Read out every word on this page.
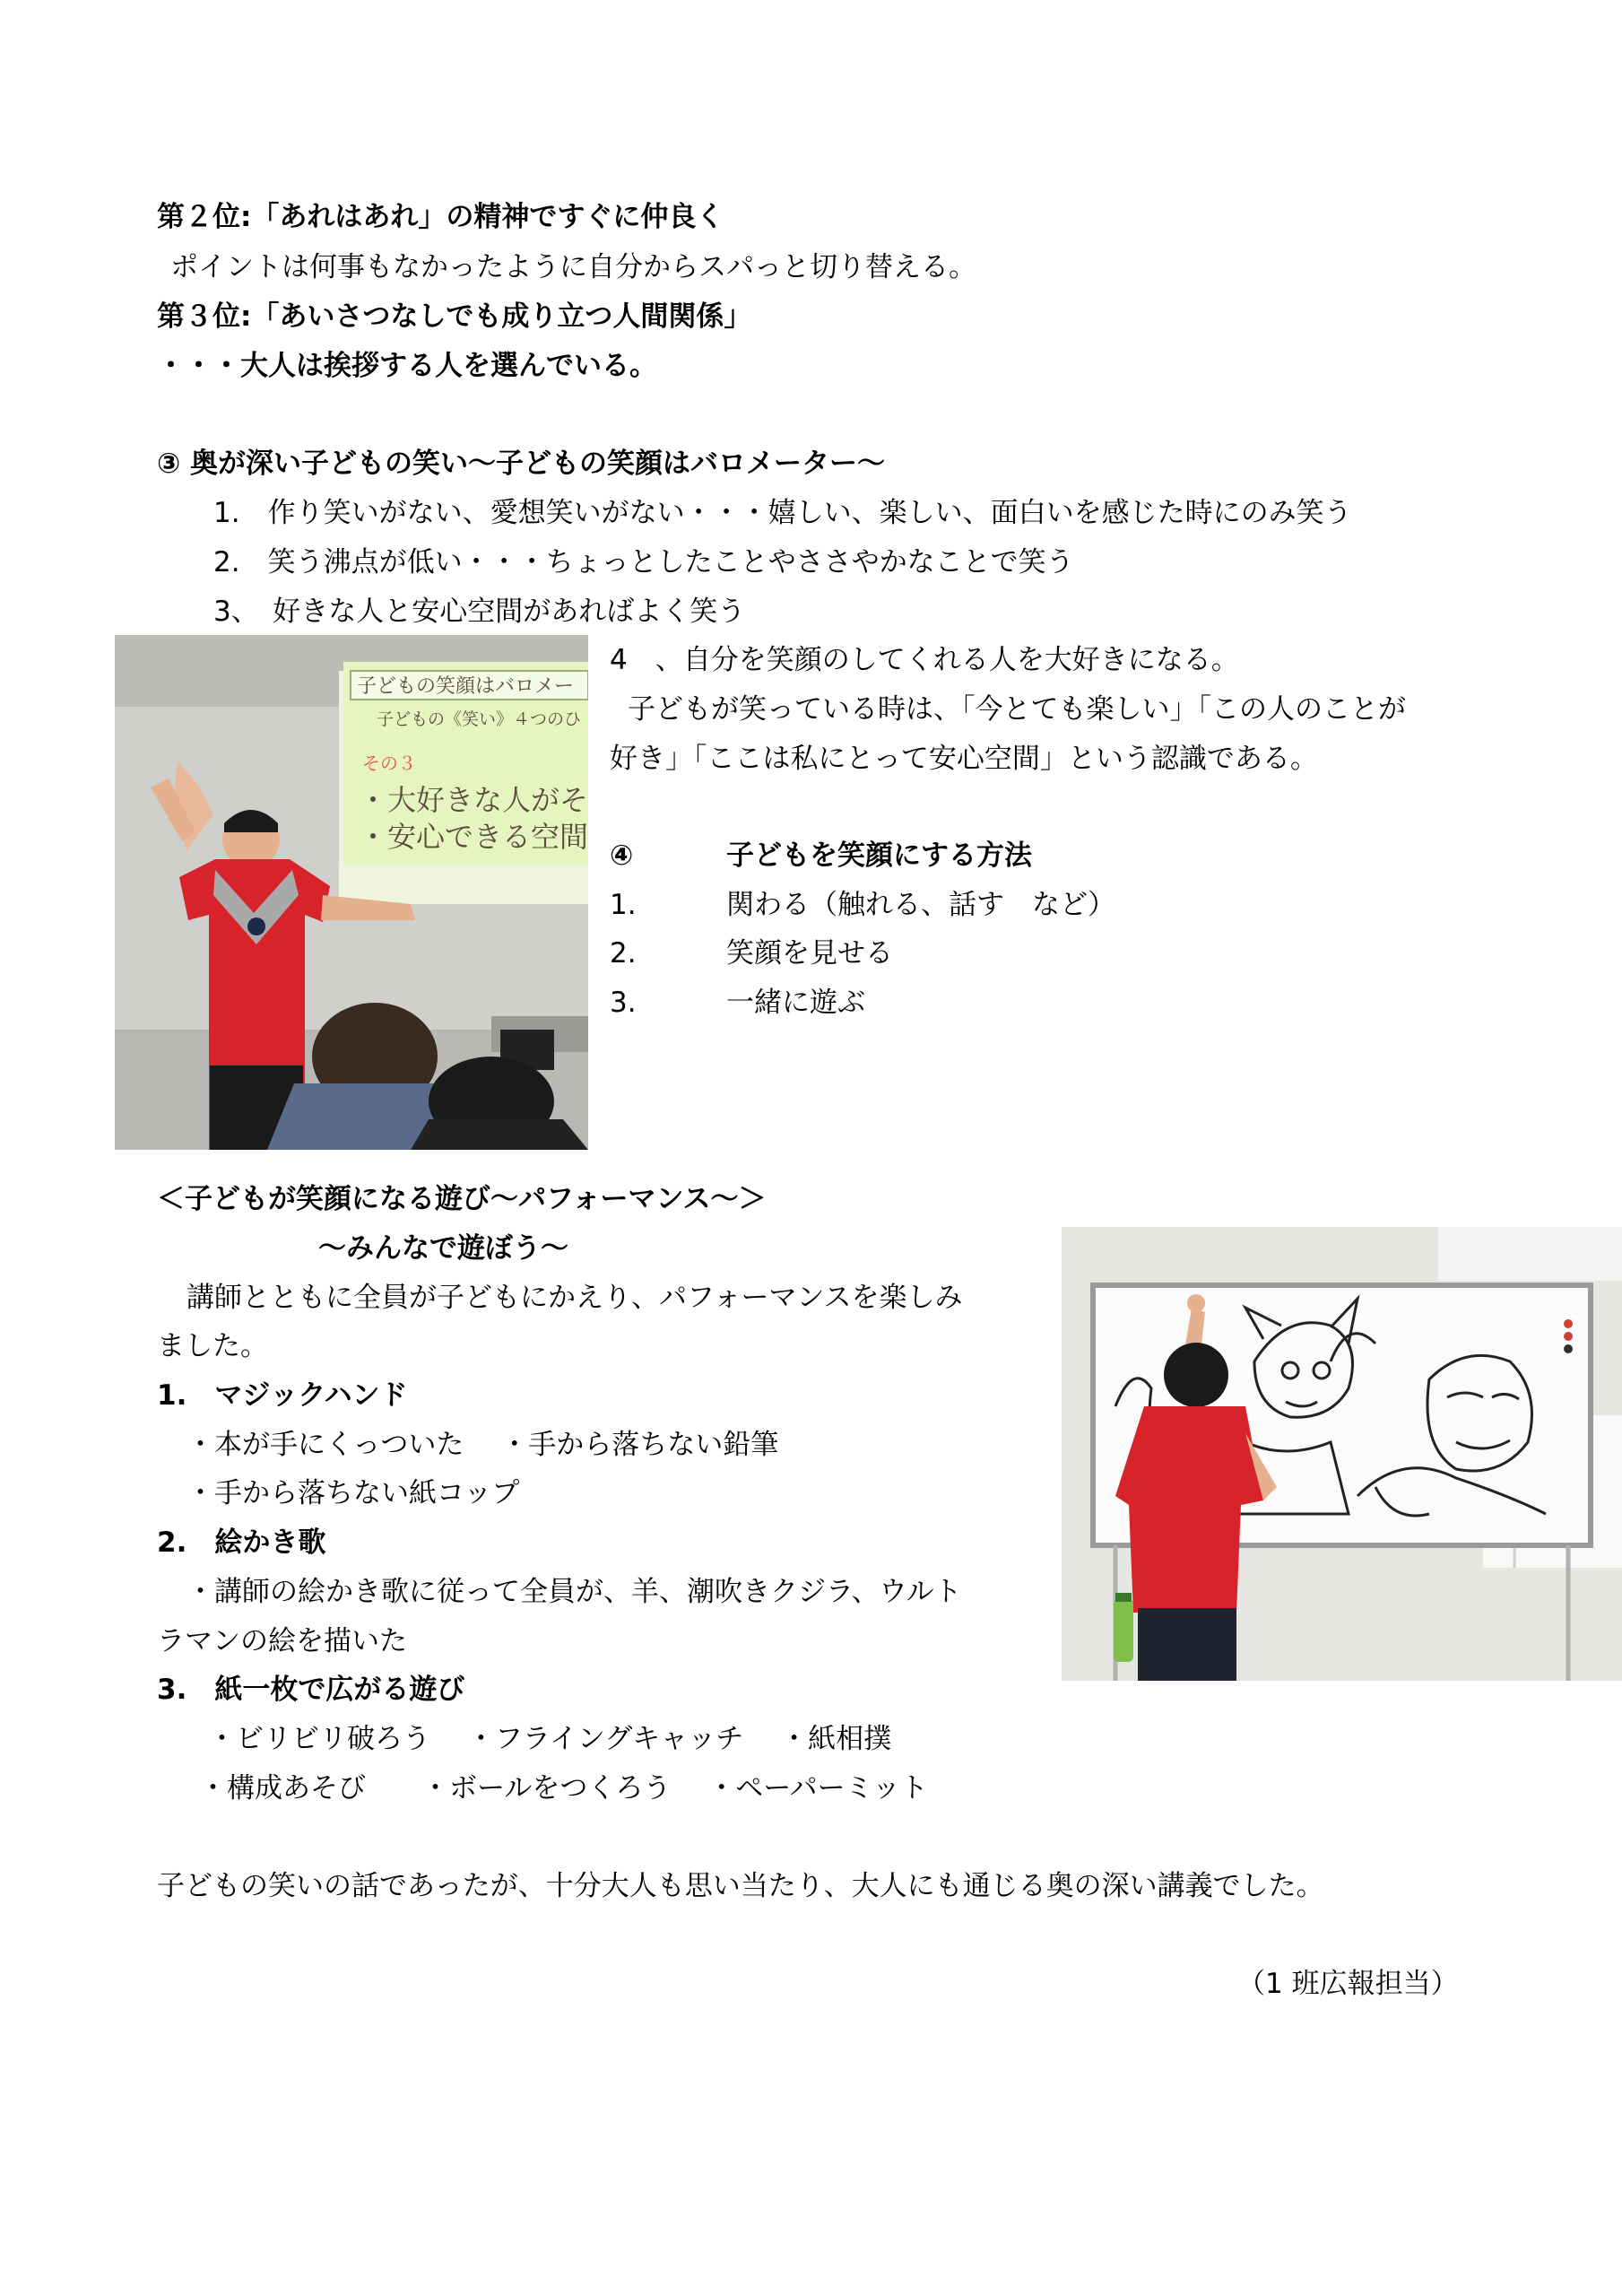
第２位:「あれはあれ」の精神ですぐに仲良く
ポイントは何事もなかったように自分からスパっと切り替える。
第３位:「あいさつなしでも成り立つ人間関係」
・・・大人は挨拶する人を選んでいる。
③ 奥が深い子どもの笑い～子どもの笑顔はバロメーター～
1.　作り笑いがない、愛想笑いがない・・・嬉しい、楽しい、面白いを感じた時にのみ笑う
2.　笑う沸点が低い・・・ちょっとしたことやささやかなことで笑う
3、　好きな人と安心空間があればよく笑う
4　、自分を笑顔のしてくれる人を大好きになる。
子どもが笑っている時は、「今とても楽しい」「この人のことが
好き」「ここは私にとって安心空間」という認識である。
子どもの笑顔はバロメー
子どもの《笑い》４つのひ
その３
・大好きな人がそ
・安心できる空間
④	子どもを笑顔にする方法
1.	関わる（触れる、話す　など）
2.	笑顔を見せる
3.	一緒に遊ぶ
＜子どもが笑顔になる遊び～パフォーマンス～＞
～みんなで遊ぼう～
講師とともに全員が子どもにかえり、パフォーマンスを楽しみ
ました。
1.　マジックハンド
・本が手にくっついた　 ・手から落ちない鉛筆
・手から落ちない紙コップ
2.　絵かき歌
・講師の絵かき歌に従って全員が、羊、潮吹きクジラ、ウルト
ラマンの絵を描いた
3.　紙一枚で広がる遊び
・ビリビリ破ろう　 ・フライングキャッチ　 ・紙相撲
・構成あそび　　・ボールをつくろう　 ・ペーパーミット
子どもの笑いの話であったが、十分大人も思い当たり、大人にも通じる奥の深い講義でした。
（1 班広報担当）
